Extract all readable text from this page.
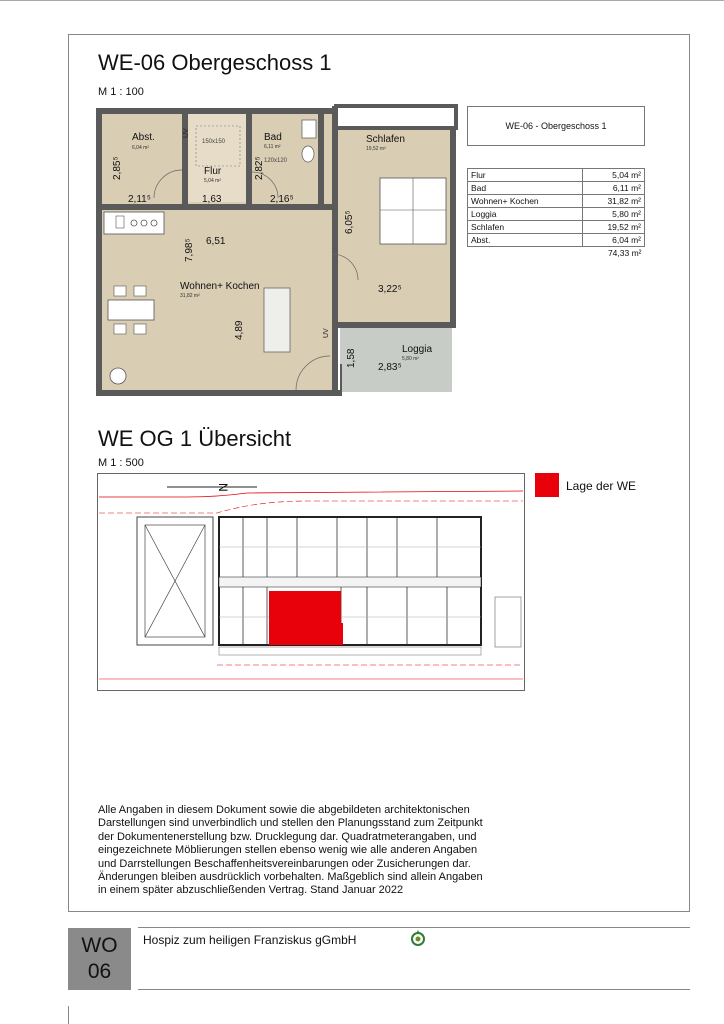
WE-06 Obergeschoss 1
M 1 : 100
Abst.
6,04 m²
Flur
5,04 m²
Bad
6,11 m²
Schlafen
19,52 m²
Wohnen+ Kochen
31,82 m²
Loggia
5,80 m²
150x150
120x120
UV
UV
2,85⁵
2,11⁵	1,63
2,82⁵
2,16⁵
6,05⁵
6,51
7,98⁵
4,89
3,22⁵
1,58 2,83⁵
WE-06 - Obergeschoss 1
Flur	5,04 m²
Bad	6,11 m²
Wohnen+ Kochen	31,82 m²
Loggia	5,80 m²
Schlafen	19,52 m²
Abst.	6,04 m²
	74,33 m²
WE OG 1 Übersicht
M 1 : 500
N	Lage der WE
Alle Angaben in diesem Dokument sowie die abgebildeten architektonischen
Darstellungen sind unverbindlich und stellen den Planungsstand zum Zeitpunkt
der Dokumentenerstellung bzw. Drucklegung dar. Quadratmeterangaben, und
eingezeichnete Möblierungen stellen ebenso wenig wie alle anderen Angaben
und Darrstellungen Beschaffenheitsvereinbarungen oder Zusicherungen dar.
Änderungen bleiben ausdrücklich vorbehalten. Maßgeblich sind allein Angaben
in einem später abzuschließenden Vertrag. Stand Januar 2022
WO
06
Hospiz zum heiligen Franziskus gGmbH
